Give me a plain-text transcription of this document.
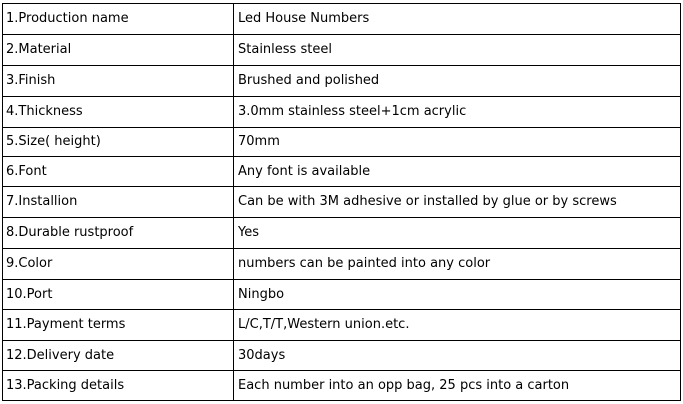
1.Production name	Led House Numbers
2.Material	Stainless steel
3.Finish	Brushed and polished
4.Thickness	3.0mm stainless steel+1cm acrylic
5.Size( height)	70mm
6.Font	Any font is available
7.Installion	Can be with 3M adhesive or installed by glue or by screws
8.Durable rustproof	Yes
9.Color	numbers can be painted into any color
10.Port	Ningbo
11.Payment terms	L/C,T/T,Western union.etc.
12.Delivery date	30days
13.Packing details	Each number into an opp bag, 25 pcs into a carton
